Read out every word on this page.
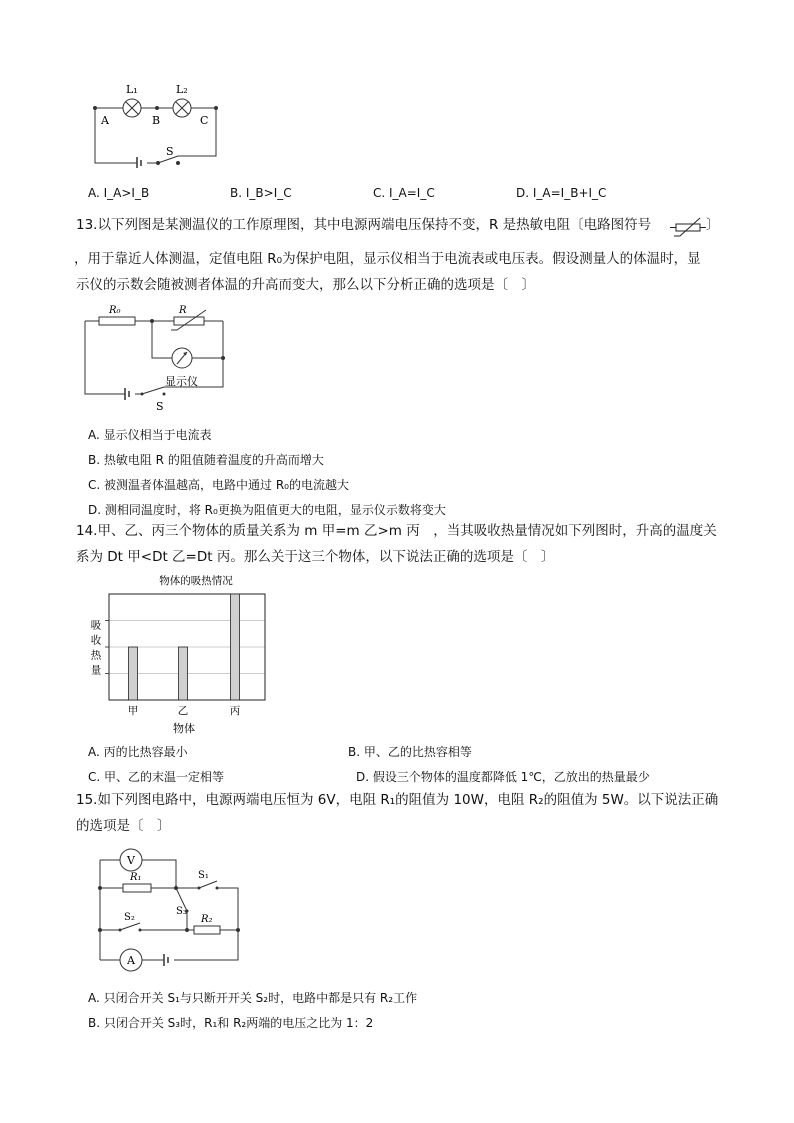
L₁	L₂
A	B	C
S
A. I_A>I_B	B. I_B>I_C	C. I_A=I_C	D. I_A=I_B+I_C
13.以下列图是某测温仪的工作原理图，其中电源两端电压保持不变，R 是热敏电阻〔电路图符号	〕
，用于靠近人体测温，定值电阻 R₀为保护电阻，显示仪相当于电流表或电压表。假设测量人的体温时，显
示仪的示数会随被测者体温的升高而变大，那么以下分析正确的选项是〔　〕
R₀	R
显示仪
S
A. 显示仪相当于电流表
B. 热敏电阻 R 的阻值随着温度的升高而增大
C. 被测温者体温越高，电路中通过 R₀的电流越大
D. 测相同温度时，将 R₀更换为阻值更大的电阻，显示仪示数将变大
14.甲、乙、丙三个物体的质量关系为 m 甲=m 乙>m 丙　，当其吸收热量情况如下列图时，升高的温度关
系为 Dt 甲<Dt 乙=Dt 丙。那么关于这三个物体，以下说法正确的选项是〔　〕
物体的吸热情况
甲	乙	丙
吸
收
热
量
物体
A. 丙的比热容最小	B. 甲、乙的比热容相等
C. 甲、乙的末温一定相等	D. 假设三个物体的温度都降低 1℃，乙放出的热量最少
15.如下列图电路中，电源两端电压恒为 6V，电阻 R₁的阻值为 10W，电阻 R₂的阻值为 5W。以下说法正确
的选项是〔　〕
V
A
R₁
R₂
S₁
S₂
S₃
A. 只闭合开关 S₁与只断开开关 S₂时，电路中都是只有 R₂工作
B. 只闭合开关 S₃时，R₁和 R₂两端的电压之比为 1：2
